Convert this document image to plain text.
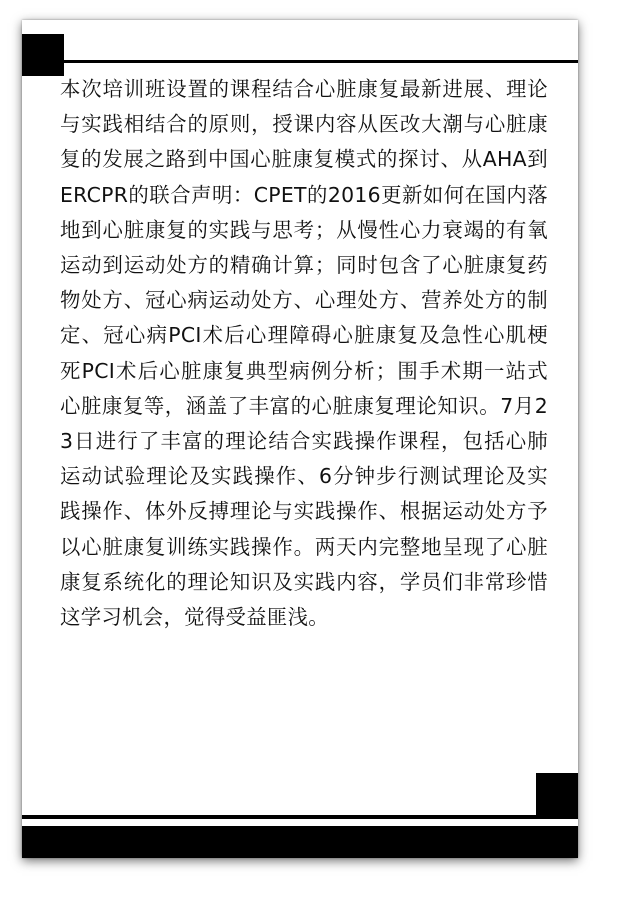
本次培训班设置的课程结合心脏康复最新进展、理论与实践相结合的原则，授课内容从医改大潮与心脏康复的发展之路到中国心脏康复模式的探讨、从AHA到ERCPR的联合声明：CPET的2016更新如何在国内落地到心脏康复的实践与思考；从慢性心力衰竭的有氧运动到运动处方的精确计算；同时包含了心脏康复药物处方、冠心病运动处方、心理处方、营养处方的制定、冠心病PCI术后心理障碍心脏康复及急性心肌梗死PCI术后心脏康复典型病例分析；围手术期一站式心脏康复等，涵盖了丰富的心脏康复理论知识。7月23日进行了丰富的理论结合实践操作课程，包括心肺运动试验理论及实践操作、6分钟步行测试理论及实践操作、体外反搏理论与实践操作、根据运动处方予以心脏康复训练实践操作。两天内完整地呈现了心脏康复系统化的理论知识及实践内容，学员们非常珍惜这学习机会，觉得受益匪浅。
